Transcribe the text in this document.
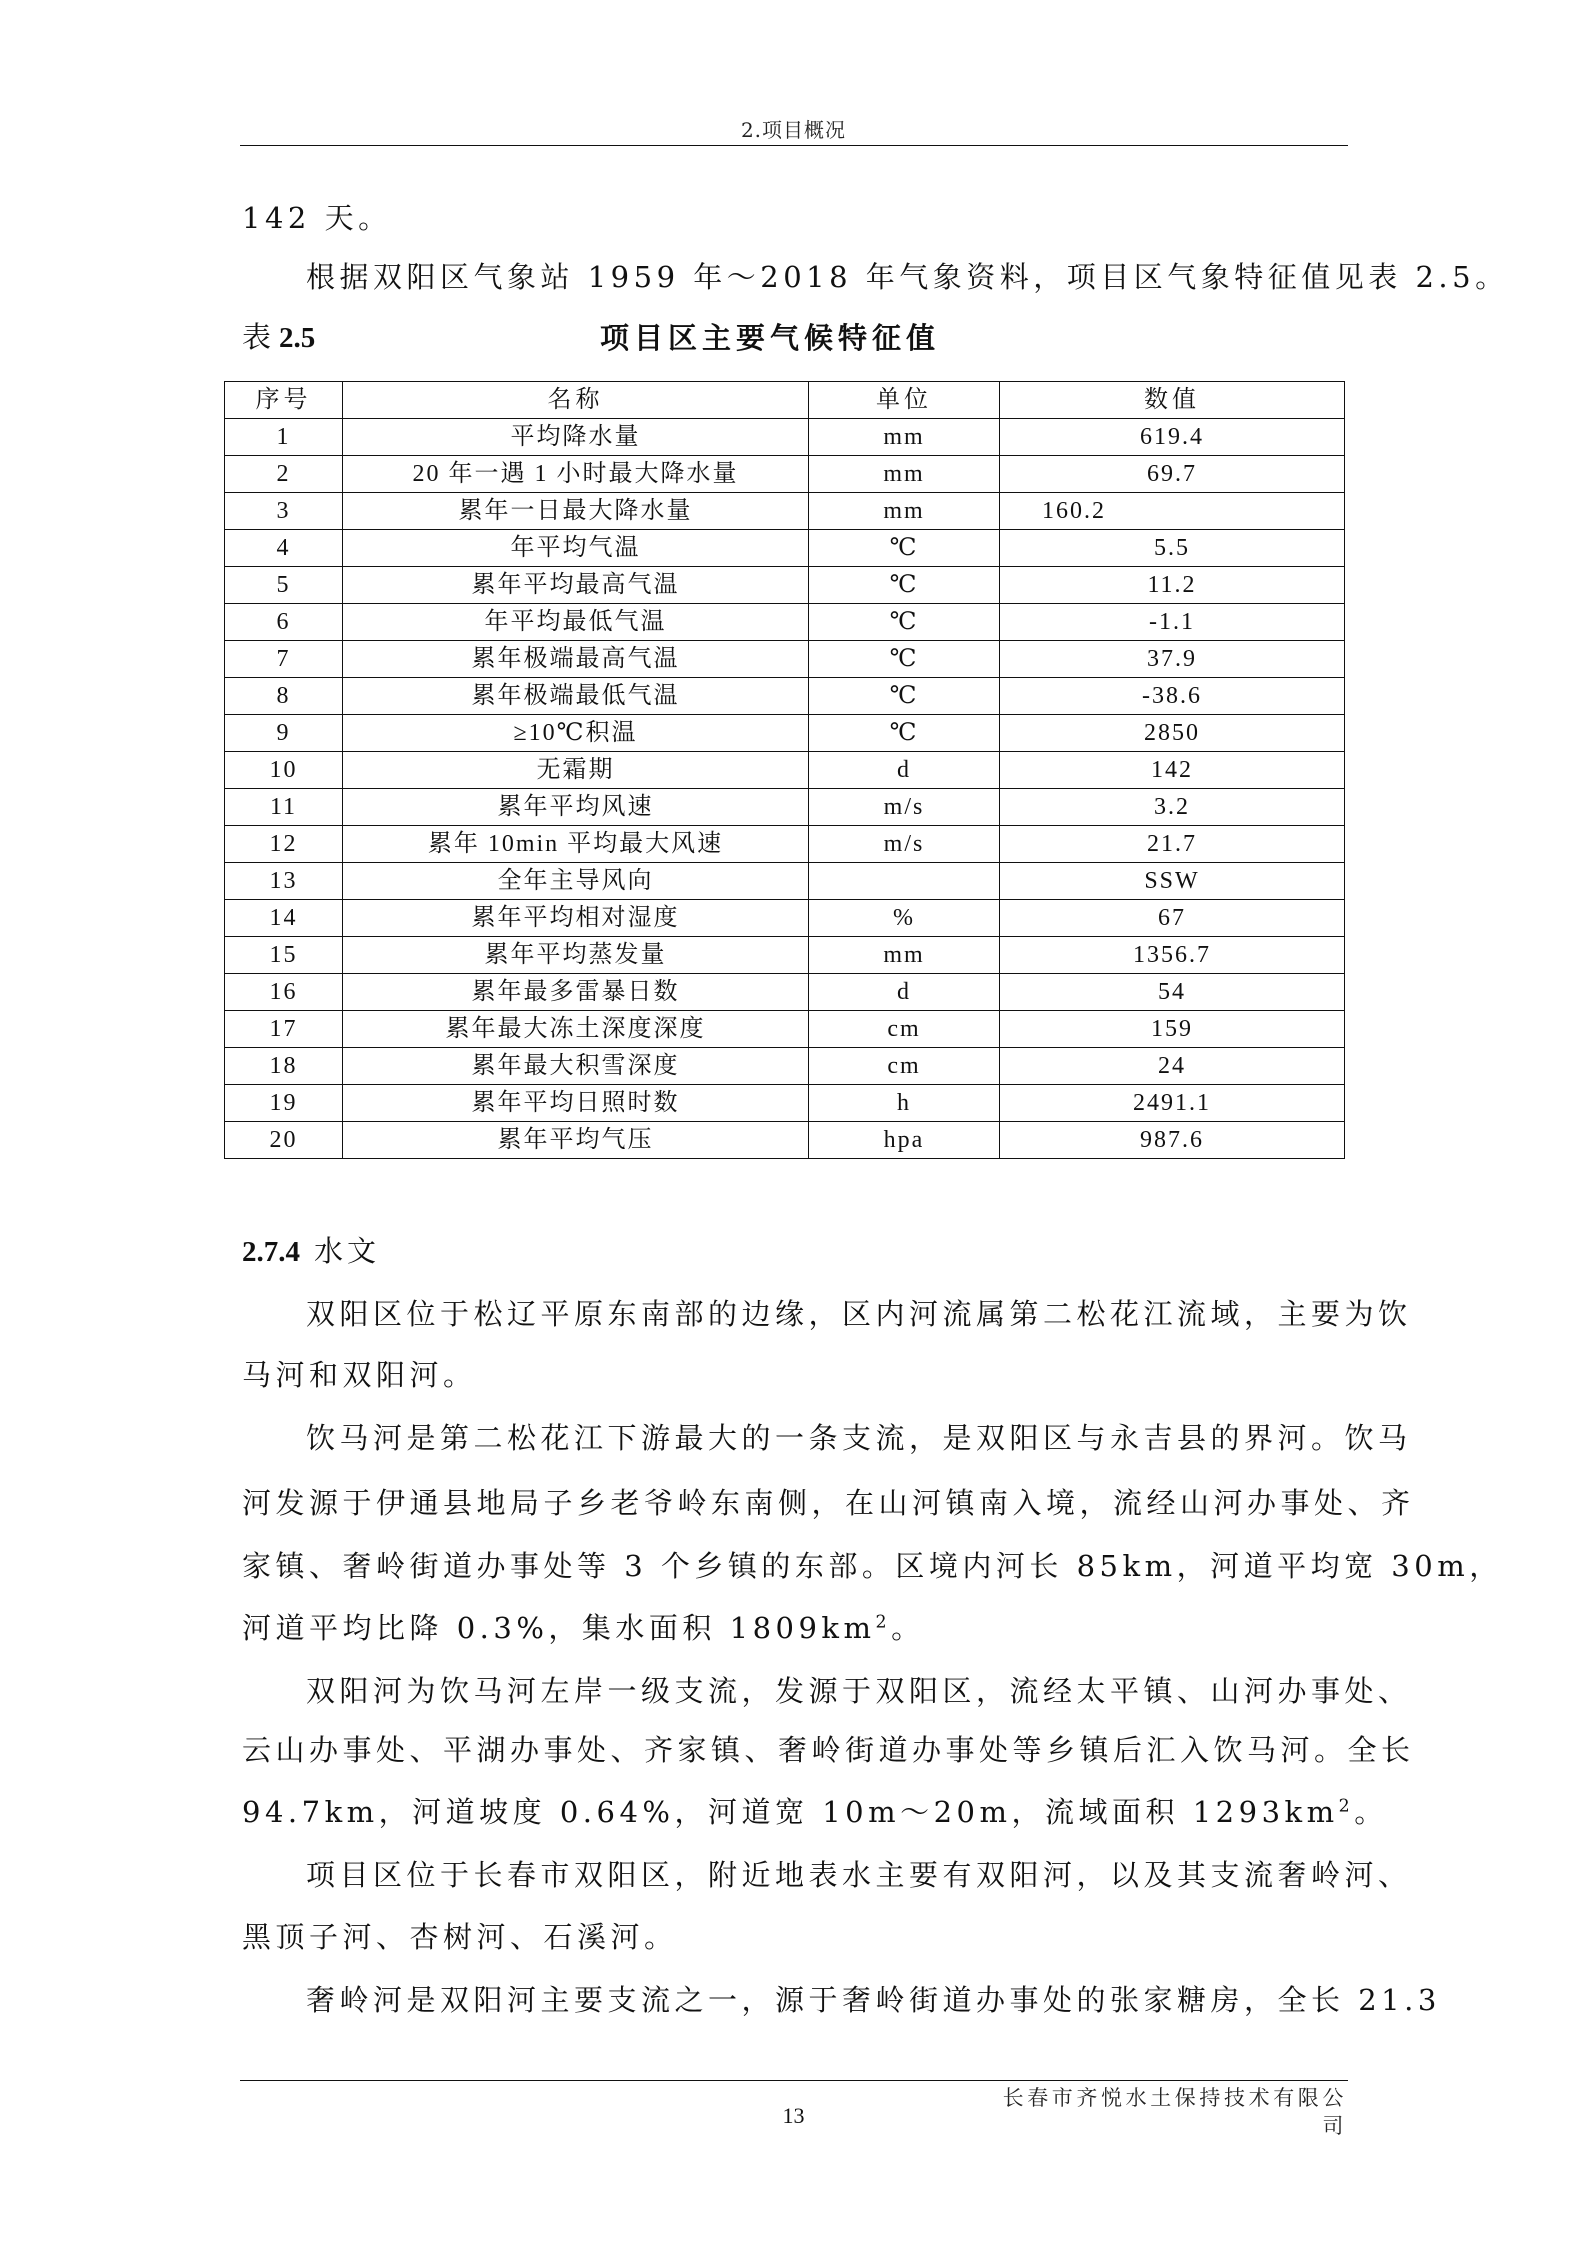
2.项目概况
142 天。
根据双阳区气象站 1959 年～2018 年气象资料，项目区气象特征值见表 2.5。
表 2.5	项目区主要气候特征值
序号	名称	单位	数值
1	平均降水量	mm	619.4
2	20 年一遇 1 小时最大降水量	mm	69.7
3	累年一日最大降水量	mm	160.2
4	年平均气温	℃	5.5
5	累年平均最高气温	℃	11.2
6	年平均最低气温	℃	-1.1
7	累年极端最高气温	℃	37.9
8	累年极端最低气温	℃	-38.6
9	≥10℃积温	℃	2850
10	无霜期	d	142
11	累年平均风速	m/s	3.2
12	累年 10min 平均最大风速	m/s	21.7
13	全年主导风向		SSW
14	累年平均相对湿度	%	67
15	累年平均蒸发量	mm	1356.7
16	累年最多雷暴日数	d	54
17	累年最大冻土深度深度	cm	159
18	累年最大积雪深度	cm	24
19	累年平均日照时数	h	2491.1
20	累年平均气压	hpa	987.6
2.7.4 水文
双阳区位于松辽平原东南部的边缘，区内河流属第二松花江流域，主要为饮
马河和双阳河。
饮马河是第二松花江下游最大的一条支流，是双阳区与永吉县的界河。饮马
河发源于伊通县地局子乡老爷岭东南侧，在山河镇南入境，流经山河办事处、齐
家镇、奢岭街道办事处等 3 个乡镇的东部。区境内河长 85km，河道平均宽 30m，
河道平均比降 0.3%，集水面积 $1809km^2$。
双阳河为饮马河左岸一级支流，发源于双阳区，流经太平镇、山河办事处、
云山办事处、平湖办事处、齐家镇、奢岭街道办事处等乡镇后汇入饮马河。全长
94.7km，河道坡度 0.64%，河道宽 10m～20m，流域面积 $1293km^2$。
项目区位于长春市双阳区，附近地表水主要有双阳河，以及其支流奢岭河、
黑顶子河、杏树河、石溪河。
奢岭河是双阳河主要支流之一，源于奢岭街道办事处的张家糖房，全长 21.3
长春市齐悦水土保持技术有限公司
13
